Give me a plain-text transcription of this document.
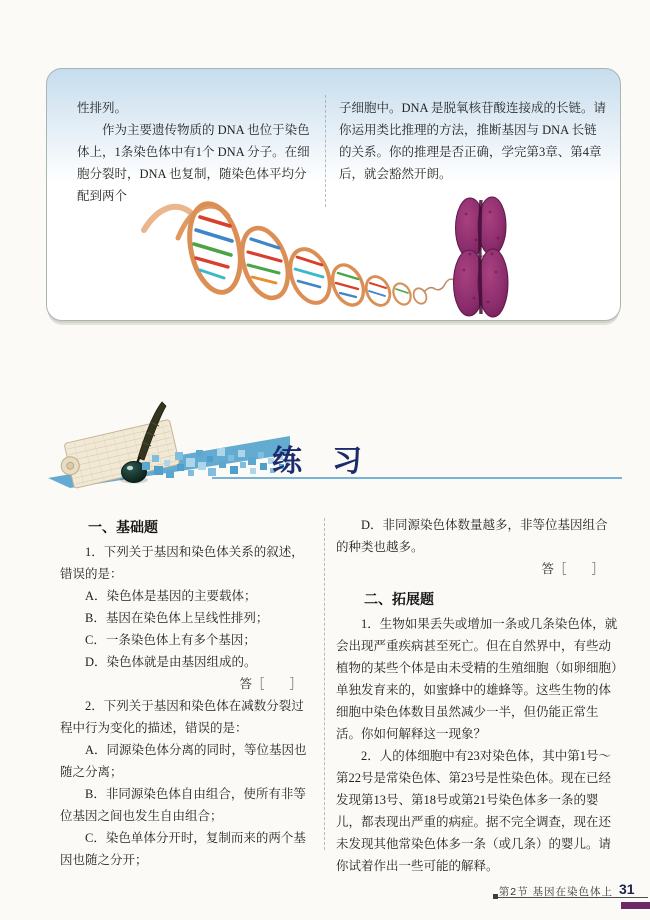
性排列。

作为主要遗传物质的 DNA 也位于染色体上，1条染色体中有1个 DNA 分子。在细胞分裂时，DNA 也复制，随染色体平均分配到两个

子细胞中。DNA 是脱氧核苷酸连接成的长链。请你运用类比推理的方法，推断基因与 DNA 长链的关系。你的推理是否正确，学完第3章、第4章后，就会豁然开朗。

练　习
一、基础题

1．下列关于基因和染色体关系的叙述，错误的是：

A．染色体是基因的主要载体；

B．基因在染色体上呈线性排列；

C．一条染色体上有多个基因；

D．染色体就是由基因组成的。

答［　　］

2．下列关于基因和染色体在减数分裂过程中行为变化的描述，错误的是：

A．同源染色体分离的同时，等位基因也随之分离；

B．非同源染色体自由组合，使所有非等位基因之间也发生自由组合；

C．染色单体分开时，复制而来的两个基因也随之分开；

D．非同源染色体数量越多，非等位基因组合的种类也越多。

答［　　］

二、拓展题

1．生物如果丢失或增加一条或几条染色体，就会出现严重疾病甚至死亡。但在自然界中，有些动植物的某些个体是由未受精的生殖细胞（如卵细胞）单独发育来的，如蜜蜂中的雄蜂等。这些生物的体细胞中染色体数目虽然减少一半，但仍能正常生活。你如何解释这一现象？

2．人的体细胞中有23对染色体，其中第1号～第22号是常染色体、第23号是性染色体。现在已经发现第13号、第18号或第21号染色体多一条的婴儿，都表现出严重的病症。据不完全调查，现在还未发现其他常染色体多一条（或几条）的婴儿。请你试着作出一些可能的解释。

第2节 基因在染色体上 31
